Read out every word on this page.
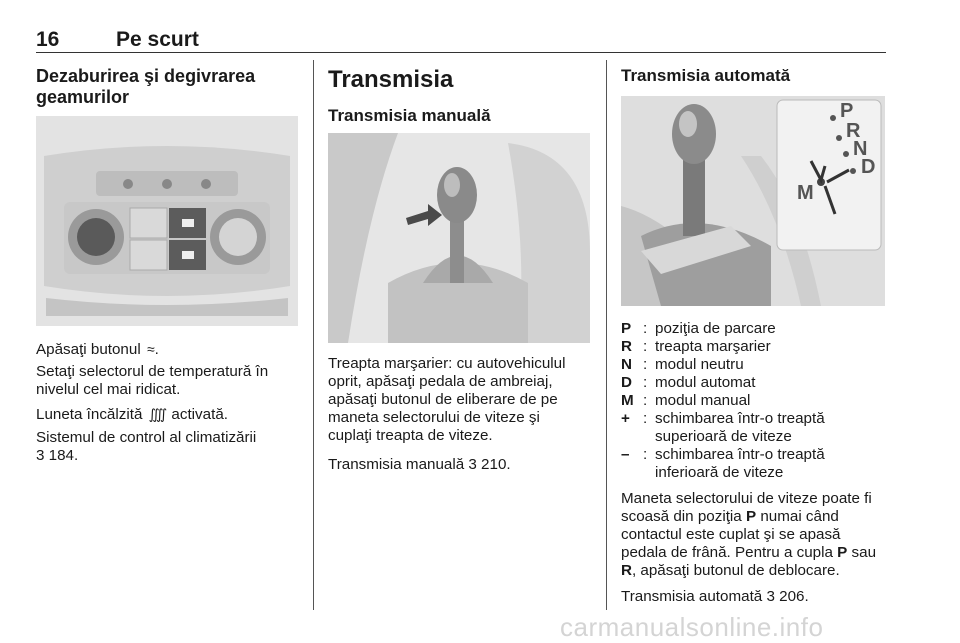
16	Pe scurt
Dezaburirea şi degivrarea
geamurilor
Apăsaţi butonul ≈.
Setaţi selectorul de temperatură în
nivelul cel mai ridicat.
Luneta încălzită ⨌ activată.
Sistemul de control al climatizării
3 184.
Transmisia
Transmisia manuală
Treapta marşarier: cu autovehiculul
oprit, apăsaţi pedala de ambreiaj,
apăsaţi butonul de eliberare de pe
maneta selectorului de viteze şi
cuplaţi treapta de viteze.
Transmisia manuală 3 210.
Transmisia automată
P
R
N
D
M
P : poziţia de parcare
R : treapta marşarier
N : modul neutru
D : modul automat
M : modul manual
+ : schimbarea într-o treaptă
superioară de viteze
– : schimbarea într-o treaptă
inferioară de viteze
Maneta selectorului de viteze poate fi
scoasă din poziţia P numai când
contactul este cuplat şi se apasă
pedala de frână. Pentru a cupla P sau
R, apăsaţi butonul de deblocare.
Transmisia automată 3 206.
carmanualsonline.info
